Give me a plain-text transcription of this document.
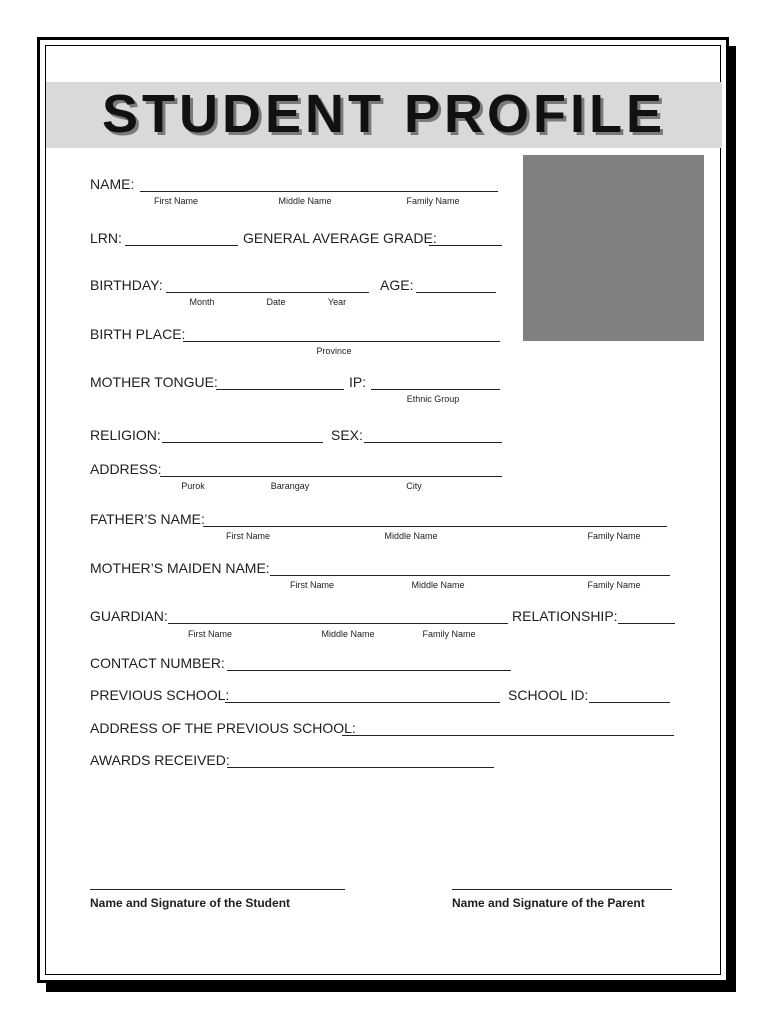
STUDENT PROFILE
NAME:
First Name	Middle Name	Family Name
LRN:	GENERAL AVERAGE GRADE:
BIRTHDAY:
Month	Date	Year
AGE:
BIRTH PLACE:
Province
MOTHER TONGUE:	IP:
Ethnic Group
RELIGION:	SEX:
ADDRESS:
Purok	Barangay	City
FATHER’S NAME:
First Name	Middle Name	Family Name
MOTHER’S MAIDEN NAME:
First Name	Middle Name	Family Name
GUARDIAN:
First Name	Middle Name	Family Name
RELATIONSHIP:
CONTACT NUMBER:
PREVIOUS SCHOOL:	SCHOOL ID:
ADDRESS OF THE PREVIOUS SCHOOL:
AWARDS RECEIVED:
Name and Signature of the Student	Name and Signature of the Parent
